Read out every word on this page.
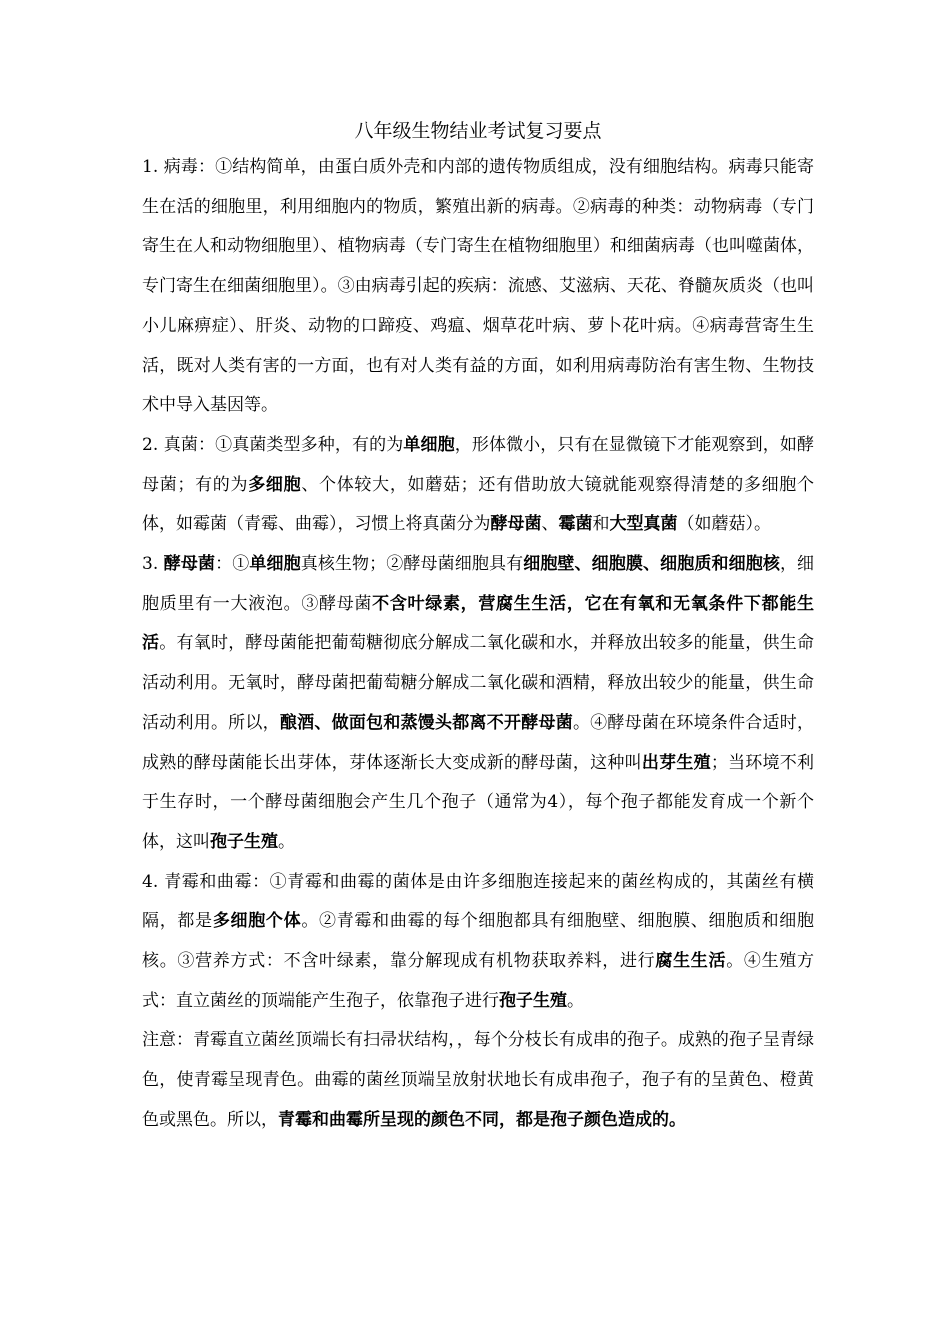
八年级生物结业考试复习要点

1. 病毒：①结构简单，由蛋白质外壳和内部的遗传物质组成，没有细胞结构。病毒只能寄生在活的细胞里，利用细胞内的物质，繁殖出新的病毒。②病毒的种类：动物病毒（专门寄生在人和动物细胞里）、植物病毒（专门寄生在植物细胞里）和细菌病毒（也叫噬菌体，专门寄生在细菌细胞里）。③由病毒引起的疾病：流感、艾滋病、天花、脊髓灰质炎（也叫小儿麻痹症）、肝炎、动物的口蹄疫、鸡瘟、烟草花叶病、萝卜花叶病。④病毒营寄生生活，既对人类有害的一方面，也有对人类有益的方面，如利用病毒防治有害生物、生物技术中导入基因等。

2. 真菌：①真菌类型多种，有的为单细胞，形体微小，只有在显微镜下才能观察到，如酵母菌；有的为多细胞、个体较大，如蘑菇；还有借助放大镜就能观察得清楚的多细胞个体，如霉菌（青霉、曲霉），习惯上将真菌分为酵母菌、霉菌和大型真菌（如蘑菇）。

3. 酵母菌：①单细胞真核生物；②酵母菌细胞具有细胞壁、细胞膜、细胞质和细胞核，细胞质里有一大液泡。③酵母菌不含叶绿素，营腐生生活，它在有氧和无氧条件下都能生活。有氧时，酵母菌能把葡萄糖彻底分解成二氧化碳和水，并释放出较多的能量，供生命活动利用。无氧时，酵母菌把葡萄糖分解成二氧化碳和酒精，释放出较少的能量，供生命活动利用。所以，酿酒、做面包和蒸馒头都离不开酵母菌。④酵母菌在环境条件合适时，成熟的酵母菌能长出芽体，芽体逐渐长大变成新的酵母菌，这种叫出芽生殖；当环境不利于生存时，一个酵母菌细胞会产生几个孢子（通常为4），每个孢子都能发育成一个新个体，这叫孢子生殖。

4. 青霉和曲霉：①青霉和曲霉的菌体是由许多细胞连接起来的菌丝构成的，其菌丝有横隔，都是多细胞个体。②青霉和曲霉的每个细胞都具有细胞壁、细胞膜、细胞质和细胞核。③营养方式：不含叶绿素，靠分解现成有机物获取养料，进行腐生生活。④生殖方式：直立菌丝的顶端能产生孢子，依靠孢子进行孢子生殖。

注意：青霉直立菌丝顶端长有扫帚状结构，，每个分枝长有成串的孢子。成熟的孢子呈青绿色，使青霉呈现青色。曲霉的菌丝顶端呈放射状地长有成串孢子，孢子有的呈黄色、橙黄色或黑色。所以，青霉和曲霉所呈现的颜色不同，都是孢子颜色造成的。
